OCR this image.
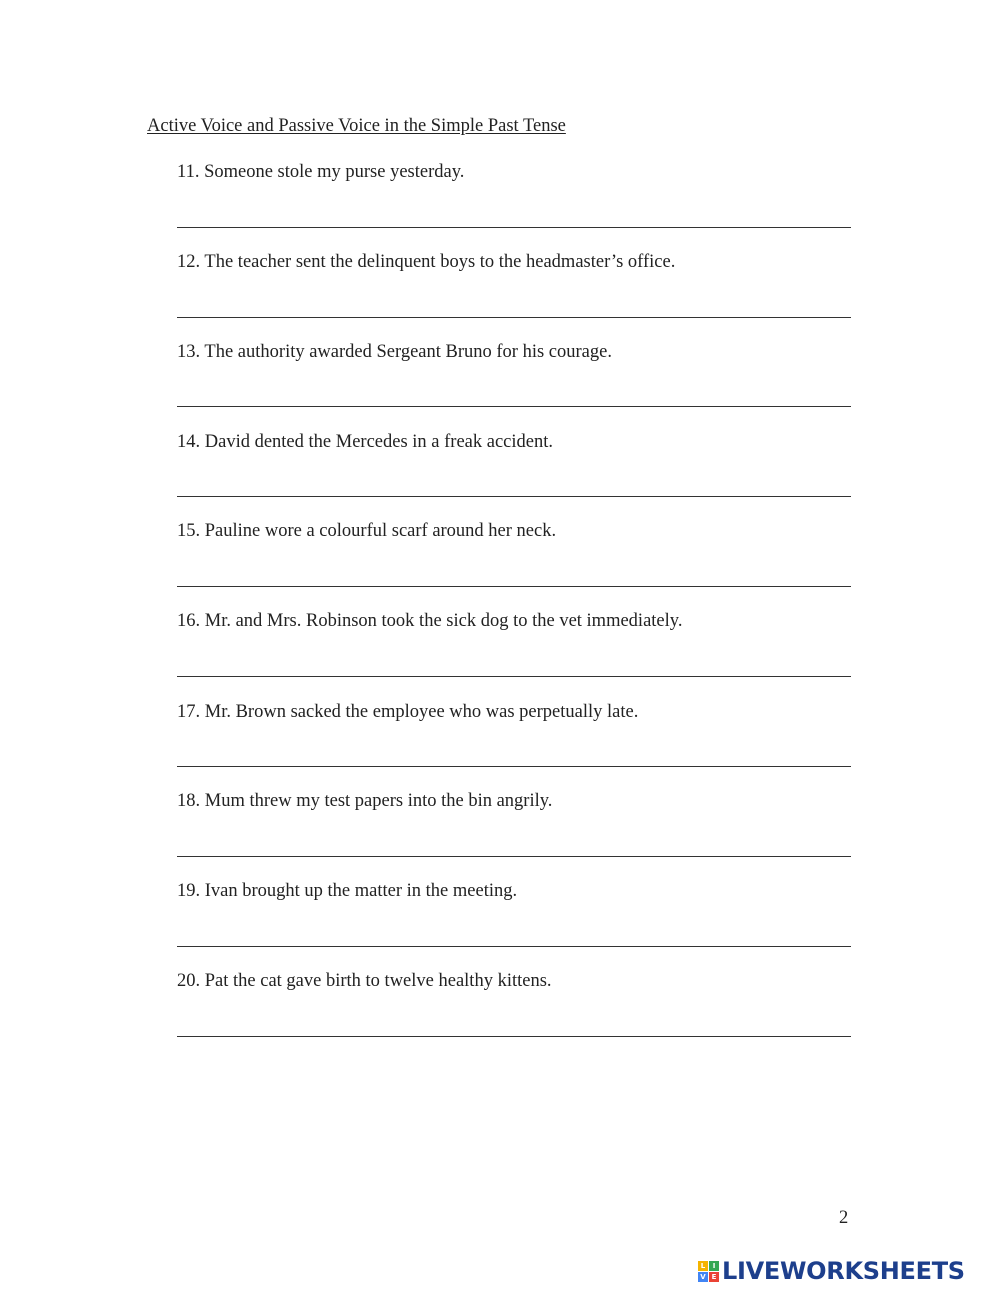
Active Voice and Passive Voice in the Simple Past Tense
11. Someone stole my purse yesterday.
12. The teacher sent the delinquent boys to the headmaster’s office.
13. The authority awarded Sergeant Bruno for his courage.
14. David dented the Mercedes in a freak accident.
15. Pauline wore a colourful scarf around her neck.
16. Mr. and Mrs. Robinson took the sick dog to the vet immediately.
17. Mr. Brown sacked the employee who was perpetually late.
18. Mum threw my test papers into the bin angrily.
19. Ivan brought up the matter in the meeting.
20. Pat the cat gave birth to twelve healthy kittens.
2
L	I
V E LIVEWORKSHEETS
